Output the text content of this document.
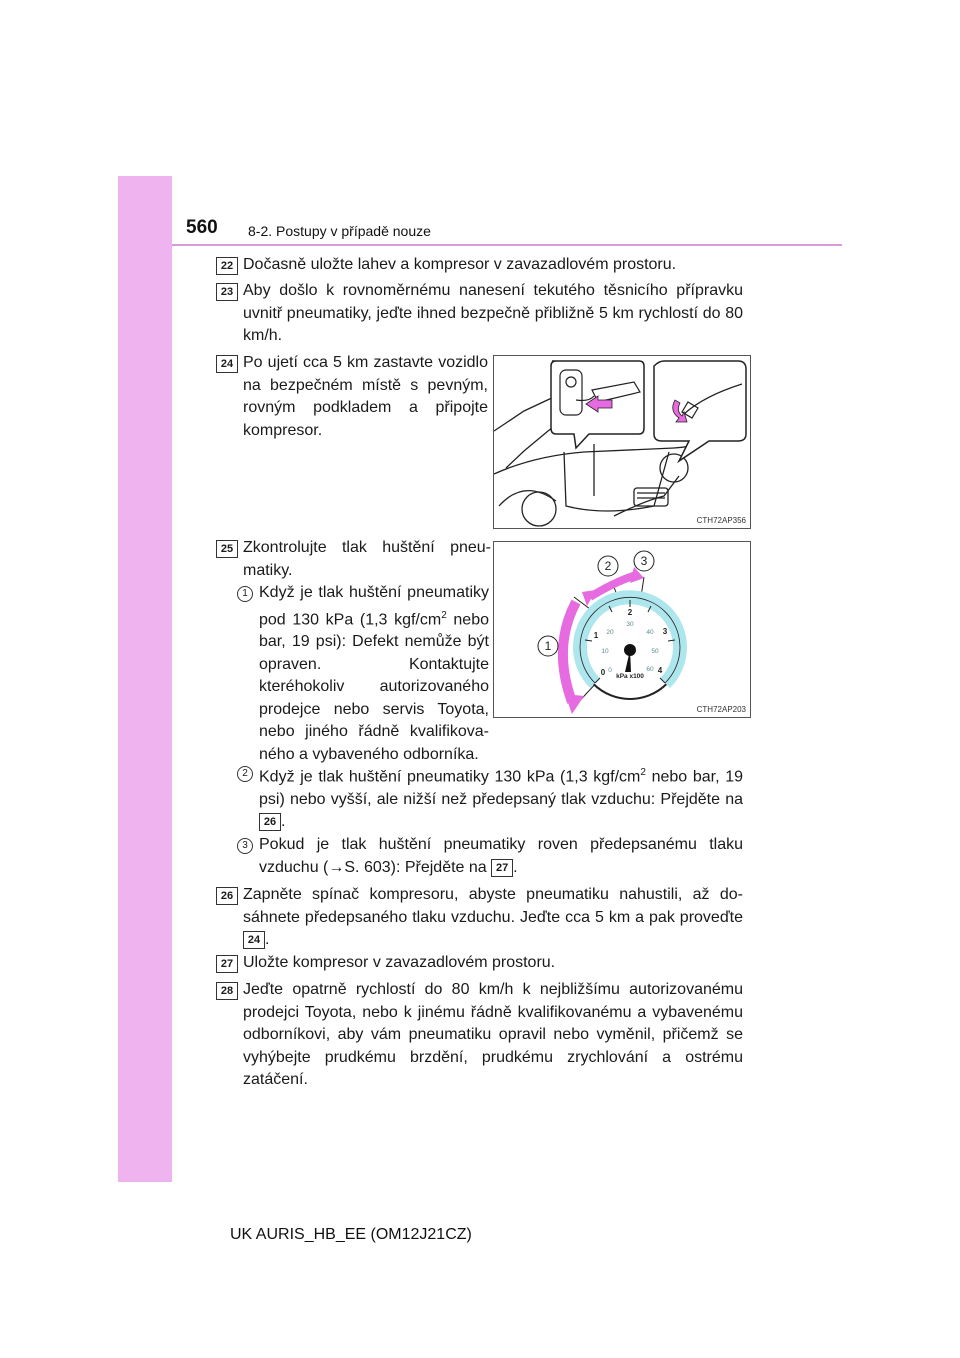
560 8-2. Postupy v případě nouze
22 Dočasně uložte lahev a kompresor v zavazadlovém prostoru.

23 Aby došlo k rovnoměrnému nanesení tekutého těsnicího přípravku uvnitř pneumatiky, jeďte ihned bezpečně přibližně 5 km rychlostí do 80 km/h.

24 Po ujetí cca 5 km zastavte vozidlo na bezpečném místě s pevným, rovným podkladem a připojte kompresor.

CTH72AP356
25 Zkontrolujte tlak huštění pneumatiky.

0
1
2
3
4
0
10
20
30
40
50
60
kPa x100
1
2 3
CTH72AP203
1 Když je tlak huštění pneumatiky pod 130 kPa (1,3 kgf/$cm^2$ nebo bar, 19 psi): Defekt nemůže být opraven. Kontaktujte kteréhokoliv autorizovaného prodejce nebo servis Toyota, nebo jiného řádně kvalifikovaného a vybaveného odborníka.

2 Když je tlak huštění pneumatiky 130 kPa (1,3 kgf/$cm^2$ nebo bar, 19 psi) nebo vyšší, ale nižší než předepsaný tlak vzduchu: Přejděte na 26 .

3 Pokud je tlak huštění pneumatiky roven předepsanému tlaku vzduchu (→S. 603): Přejděte na 27 .

26 Zapněte spínač kompresoru, abyste pneumatiku nahustili, až dosáhnete předepsaného tlaku vzduchu. Jeďte cca 5 km a pak proveďte 24 .

27 Uložte kompresor v zavazadlovém prostoru.

28 Jeďte opatrně rychlostí do 80 km/h k nejbližšímu autorizovanému prodejci Toyota, nebo k jinému řádně kvalifikovanému a vybavenému odborníkovi, aby vám pneumatiku opravil nebo vyměnil, přičemž se vyhýbejte prudkému brzdění, prudkému zrychlování a ostrému zatáčení.

UK AURIS_HB_EE (OM12J21CZ)
